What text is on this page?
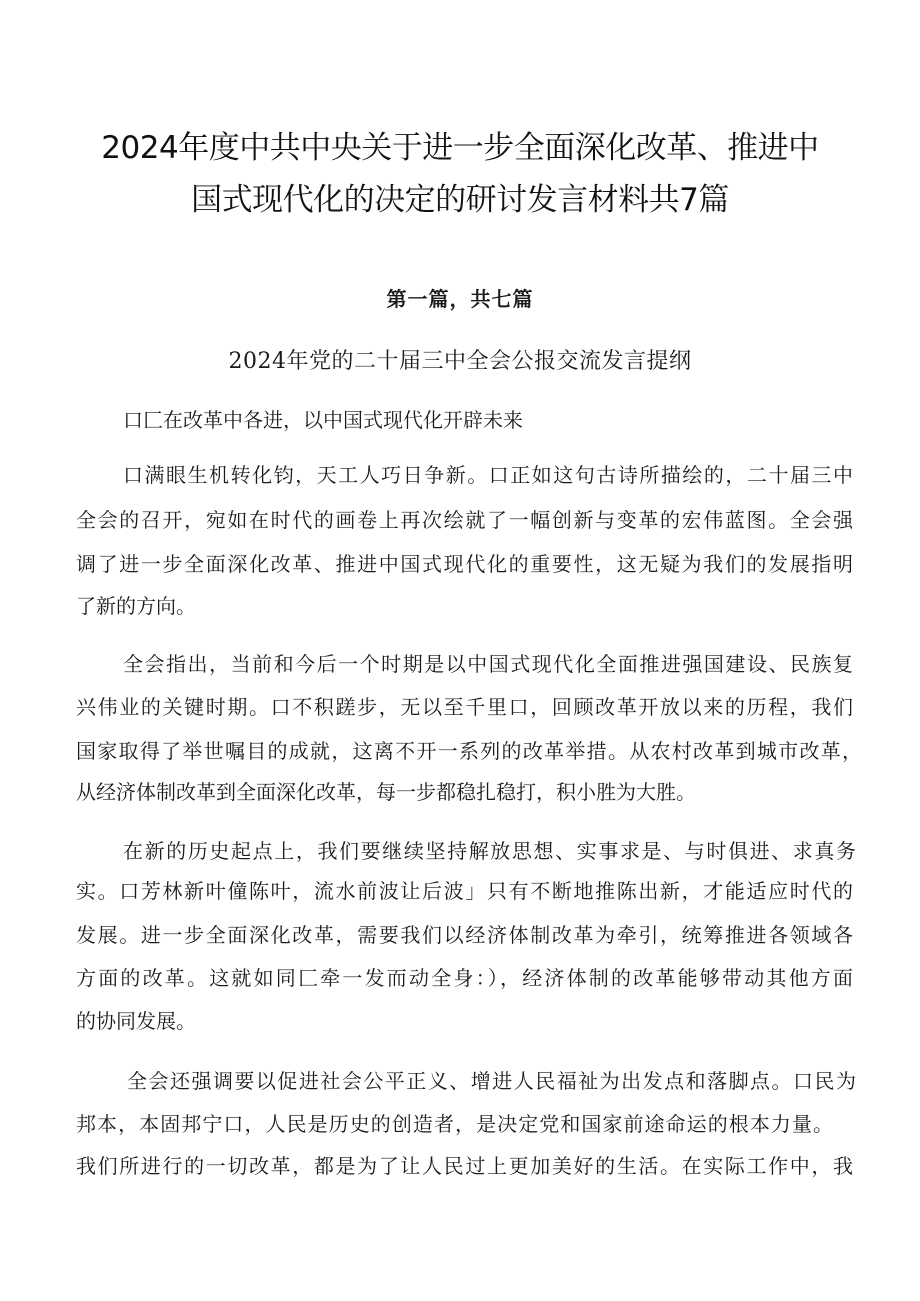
2024年度中共中央关于进一步全面深化改革、推进中
国式现代化的决定的研讨发言材料共7篇
第一篇，共七篇
2024年党的二十届三中全会公报交流发言提纲
口匚在改革中各进，以中国式现代化开辟未来
口满眼生机转化钧，天工人巧日争新。口正如这句古诗所描绘的，二十届三中
全会的召开，宛如在时代的画卷上再次绘就了一幅创新与变革的宏伟蓝图。全会强
调了进一步全面深化改革、推进中国式现代化的重要性，这无疑为我们的发展指明
了新的方向。
全会指出，当前和今后一个时期是以中国式现代化全面推进强国建设、民族复
兴伟业的关键时期。口不积蹉步，无以至千里口，回顾改革开放以来的历程，我们
国家取得了举世嘱目的成就，这离不开一系列的改革举措。从农村改革到城市改革，
从经济体制改革到全面深化改革，每一步都稳扎稳打，积小胜为大胜。
在新的历史起点上，我们要继续坚持解放思想、实事求是、与时俱进、求真务
实。口芳林新叶僮陈叶，流水前波让后波」只有不断地推陈出新，才能适应时代的
发展。进一步全面深化改革，需要我们以经济体制改革为牵引，统筹推进各领域各
方面的改革。这就如同匚牵一发而动全身：），经济体制的改革能够带动其他方面
的协同发展。
全会还强调要以促进社会公平正义、增进人民福祉为出发点和落脚点。口民为
邦本，本固邦宁口，人民是历史的创造者，是决定党和国家前途命运的根本力量。
我们所进行的一切改革，都是为了让人民过上更加美好的生活。在实际工作中，我
